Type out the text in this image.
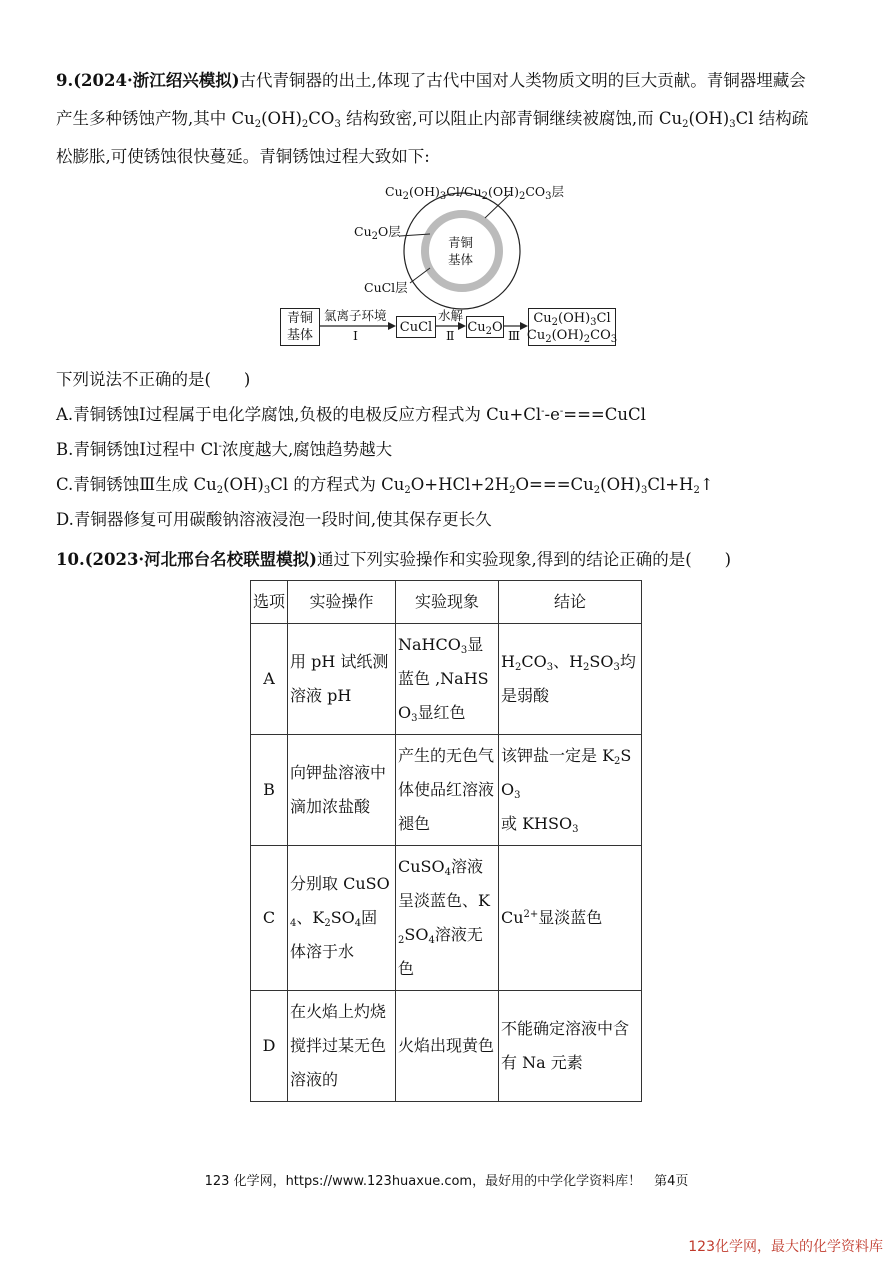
9.(2024·浙江绍兴模拟)古代青铜器的出土,体现了古代中国对人类物质文明的巨大贡献。青铜器埋藏会
产生多种锈蚀产物,其中 $Cu_2(OH)_2CO_3$ 结构致密,可以阻止内部青铜继续被腐蚀,而 $Cu_2(OH)_3Cl$ 结构疏
松膨胀,可使锈蚀很快蔓延。青铜锈蚀过程大致如下:

$Cu_2(OH)_3Cl/Cu_2(OH)_2CO_3$层
$Cu_2O$层
CuCl层
青铜
基体
青铜
基体
氯离子环境
Ⅰ
CuCl
水解
Ⅱ
$Cu_2O$
Ⅲ
$Cu_2(OH)_3Cl$
$Cu_2(OH)_2CO_3$
下列说法不正确的是(　　)
A.青铜锈蚀Ⅰ过程属于电化学腐蚀,负极的电极反应方程式为 Cu+Cl--e-===CuCl
B.青铜锈蚀Ⅰ过程中 Cl-浓度越大,腐蚀趋势越大
C.青铜锈蚀Ⅲ生成 $Cu_2(OH)_3Cl$ 的方程式为 $Cu_2O+HCl+2H_2O===Cu_2(OH)_3Cl+H_2↑$
D.青铜器修复可用碳酸钠溶液浸泡一段时间,使其保存更长久
10.(2023·河北邢台名校联盟模拟)通过下列实验操作和实验现象,得到的结论正确的是(　　)
选项	实验操作	实验现象	结论
A	用 pH 试纸测溶液 pH	NaHCO$_3$显蓝色 ,NaHSO$_3$显红色	$H_2CO_3$、$H_2SO_3$均是弱酸
B	向钾盐溶液中滴加浓盐酸	产生的无色气体使品红溶液褪色	该钾盐一定是 $K_2SO_3$
或 $KHSO_3$
C	分别取 CuSO$_4$、$K_2SO_4$固体溶于水	CuSO$_4$溶液呈淡蓝色、$K_2SO_4$溶液无色	$Cu^{2+}$显淡蓝色
D	在火焰上灼烧搅拌过某无色溶液的	火焰出现黄色	不能确定溶液中含有 Na 元素
123 化学网，https://www.123huaxue.com，最好用的中学化学资料库！　第4页
123化学网，最大的化学资料库
